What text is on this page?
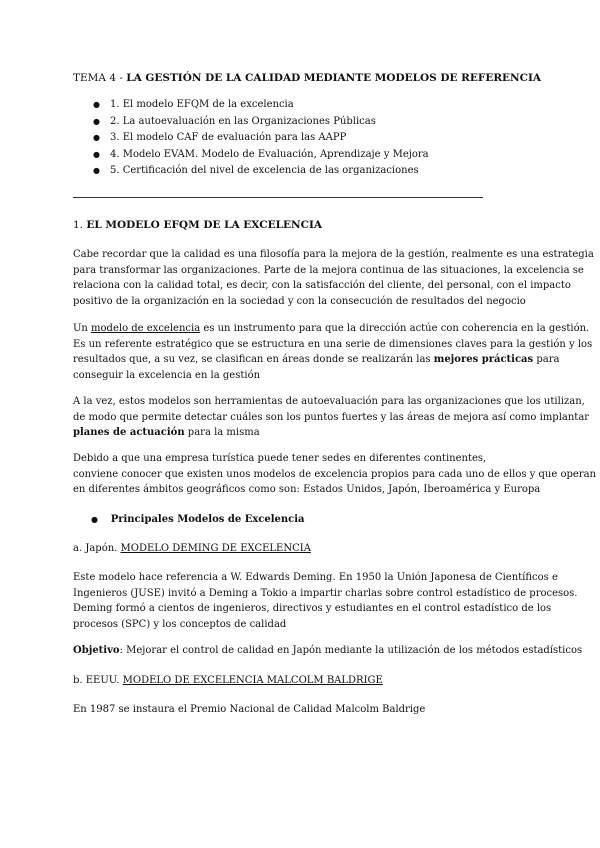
TEMA 4 - LA GESTIÓN DE LA CALIDAD MEDIANTE MODELOS DE REFERENCIA
● 1. El modelo EFQM de la excelencia
● 2. La autoevaluación en las Organizaciones Públicas
● 3. El modelo CAF de evaluación para las AAPP
● 4. Modelo EVAM. Modelo de Evaluación, Aprendizaje y Mejora
● 5. Certificación del nivel de excelencia de las organizaciones
1. EL MODELO EFQM DE LA EXCELENCIA
Cabe recordar que la calidad es una filosofía para la mejora de la gestión, realmente es una estrategia
para transformar las organizaciones. Parte de la mejora continua de las situaciones, la excelencia se
relaciona con la calidad total, es decir, con la satisfacción del cliente, del personal, con el impacto
positivo de la organización en la sociedad y con la consecución de resultados del negocio
Un modelo de excelencia es un instrumento para que la dirección actúe con coherencia en la gestión.
Es un referente estratégico que se estructura en una serie de dimensiones claves para la gestión y los
resultados que, a su vez, se clasifican en áreas donde se realizarán las mejores prácticas para
conseguir la excelencia en la gestión
A la vez, estos modelos son herramientas de autoevaluación para las organizaciones que los utilizan,
de modo que permite detectar cuáles son los puntos fuertes y las áreas de mejora así como implantar
planes de actuación para la misma
Debido a que una empresa turística puede tener sedes en diferentes continentes,
conviene conocer que existen unos modelos de excelencia propios para cada uno de ellos y que operan
en diferentes ámbitos geográficos como son: Estados Unidos, Japón, Iberoamérica y Europa
● Principales Modelos de Excelencia
a. Japón. MODELO DEMING DE EXCELENCIA
Este modelo hace referencia a W. Edwards Deming. En 1950 la Unión Japonesa de Científicos e
Ingenieros (JUSE) invitó a Deming a Tokio a impartir charlas sobre control estadístico de procesos.
Deming formó a cientos de ingenieros, directivos y estudiantes en el control estadístico de los
procesos (SPC) y los conceptos de calidad
Objetivo: Mejorar el control de calidad en Japón mediante la utilización de los métodos estadísticos
b. EEUU. MODELO DE EXCELENCIA MALCOLM BALDRIGE
En 1987 se instaura el Premio Nacional de Calidad Malcolm Baldrige
